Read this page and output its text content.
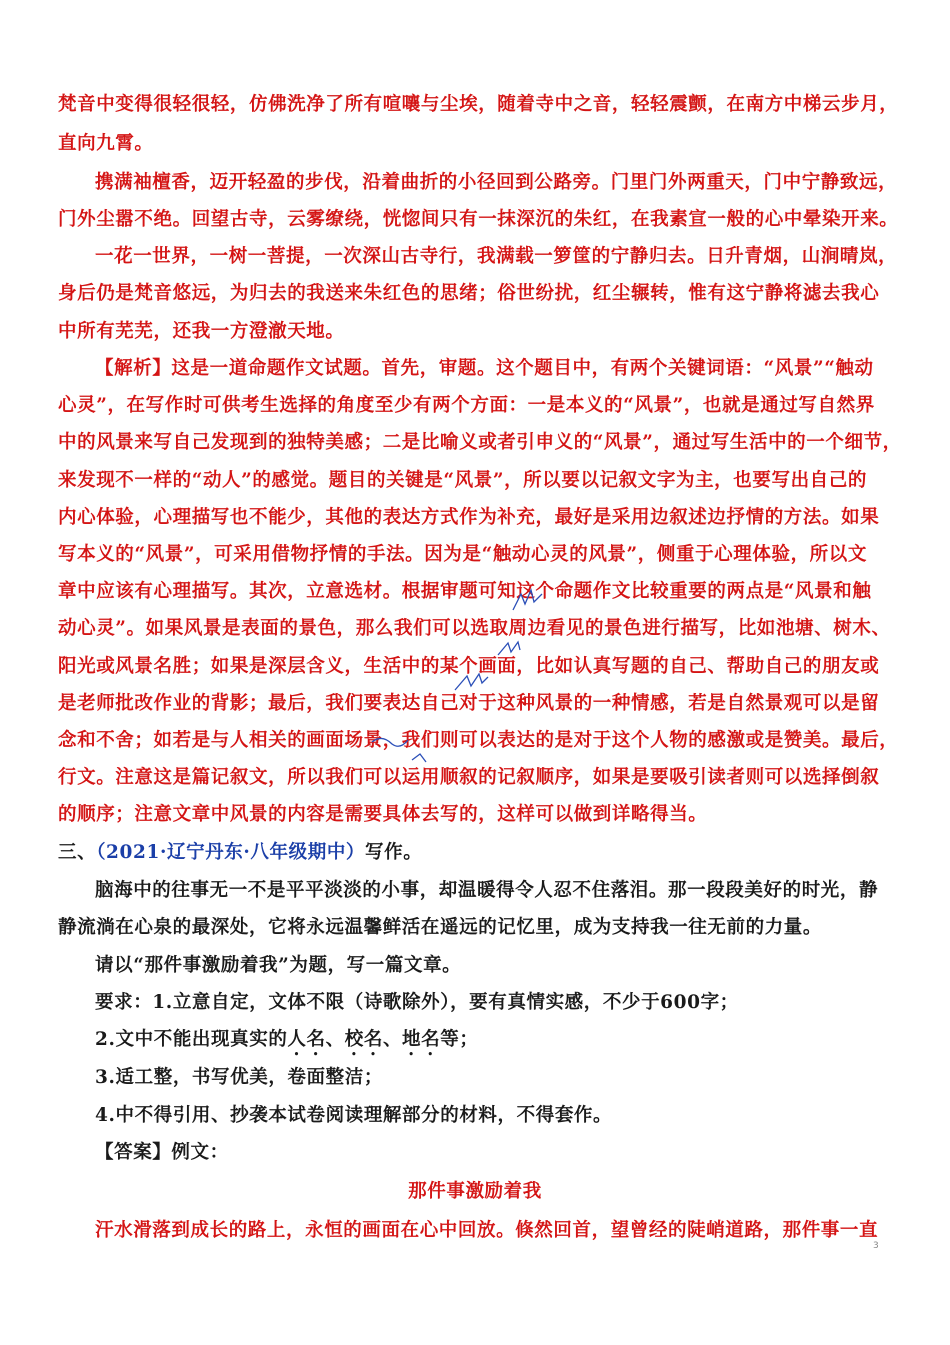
梵音中变得很轻很轻，仿佛洗净了所有喧嚷与尘埃，随着寺中之音，轻轻震颤，在南方中梯云步月，
直向九霄。
携满袖檀香，迈开轻盈的步伐，沿着曲折的小径回到公路旁。门里门外两重天，门中宁静致远，
门外尘嚣不绝。回望古寺，云雾缭绕，恍惚间只有一抹深沉的朱红，在我素宣一般的心中晕染开来。
一花一世界，一树一菩提，一次深山古寺行，我满载一箩筐的宁静归去。日升青烟，山涧晴岚，
身后仍是梵音悠远，为归去的我送来朱红色的思绪；俗世纷扰，红尘辗转，惟有这宁静将滤去我心
中所有芜芜，还我一方澄澈天地。
【解析】这是一道命题作文试题。首先，审题。这个题目中，有两个关键词语：“风景”“触动
心灵”，在写作时可供考生选择的角度至少有两个方面：一是本义的“风景”，也就是通过写自然界
中的风景来写自己发现到的独特美感；二是比喻义或者引申义的“风景”，通过写生活中的一个细节，
来发现不一样的“动人”的感觉。题目的关键是“风景”，所以要以记叙文字为主，也要写出自己的
内心体验，心理描写也不能少，其他的表达方式作为补充，最好是采用边叙述边抒情的方法。如果
写本义的“风景”，可采用借物抒情的手法。因为是“触动心灵的风景”，侧重于心理体验，所以文
章中应该有心理描写。其次，立意选材。根据审题可知这个命题作文比较重要的两点是“风景和触
动心灵”。如果风景是表面的景色，那么我们可以选取周边看见的景色进行描写，比如池塘、树木、
阳光或风景名胜；如果是深层含义，生活中的某个画面，比如认真写题的自己、帮助自己的朋友或
是老师批改作业的背影；最后，我们要表达自己对于这种风景的一种情感，若是自然景观可以是留
念和不舍；如若是与人相关的画面场景，我们则可以表达的是对于这个人物的感激或是赞美。最后，
行文。注意这是篇记叙文，所以我们可以运用顺叙的记叙顺序，如果是要吸引读者则可以选择倒叙
的顺序；注意文章中风景的内容是需要具体去写的，这样可以做到详略得当。
三、（2021·辽宁丹东·八年级期中）写作。
脑海中的往事无一不是平平淡淡的小事，却温暖得令人忍不住落泪。那一段段美好的时光，静
静流淌在心泉的最深处，它将永远温馨鲜活在遥远的记忆里，成为支持我一往无前的力量。
请以“那件事激励着我”为题，写一篇文章。
要求：1.立意自定，文体不限（诗歌除外），要有真情实感，不少于600字；
2.文中不能出现真实的人名、校名、地名等；
3.适工整，书写优美，卷面整洁；
4.中不得引用、抄袭本试卷阅读理解部分的材料，不得套作。
【答案】例文：
那件事激励着我
汗水滑落到成长的路上，永恒的画面在心中回放。倏然回首，望曾经的陡峭道路，那件事一直
3
